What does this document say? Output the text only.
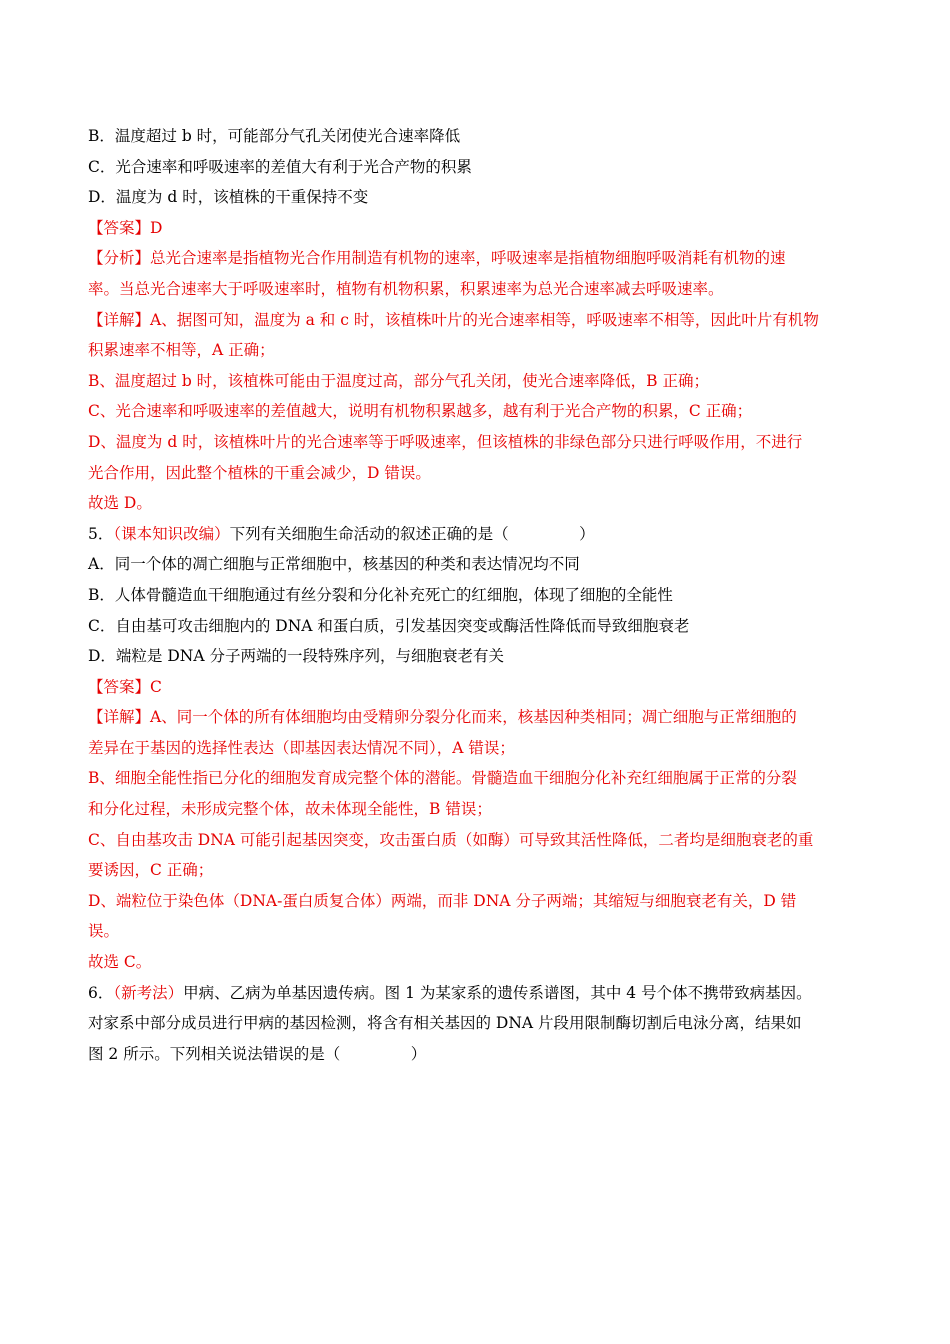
B．温度超过 b 时，可能部分气孔关闭使光合速率降低
C．光合速率和呼吸速率的差值大有利于光合产物的积累
D．温度为 d 时，该植株的干重保持不变
【答案】D
【分析】总光合速率是指植物光合作用制造有机物的速率，呼吸速率是指植物细胞呼吸消耗有机物的速
率。当总光合速率大于呼吸速率时，植物有机物积累，积累速率为总光合速率减去呼吸速率。
【详解】A、据图可知，温度为 a 和 c 时，该植株叶片的光合速率相等，呼吸速率不相等，因此叶片有机物
积累速率不相等，A 正确；
B、温度超过 b 时，该植株可能由于温度过高，部分气孔关闭，使光合速率降低，B 正确；
C、光合速率和呼吸速率的差值越大，说明有机物积累越多，越有利于光合产物的积累，C 正确；
D、温度为 d 时，该植株叶片的光合速率等于呼吸速率，但该植株的非绿色部分只进行呼吸作用，不进行
光合作用，因此整个植株的干重会减少，D 错误。
故选 D。
5．（课本知识改编）下列有关细胞生命活动的叙述正确的是（	）
A．同一个体的凋亡细胞与正常细胞中，核基因的种类和表达情况均不同
B．人体骨髓造血干细胞通过有丝分裂和分化补充死亡的红细胞，体现了细胞的全能性
C．自由基可攻击细胞内的 DNA 和蛋白质，引发基因突变或酶活性降低而导致细胞衰老
D．端粒是 DNA 分子两端的一段特殊序列，与细胞衰老有关
【答案】C
【详解】A、同一个体的所有体细胞均由受精卵分裂分化而来，核基因种类相同；凋亡细胞与正常细胞的
差异在于基因的选择性表达（即基因表达情况不同），A 错误；
B、细胞全能性指已分化的细胞发育成完整个体的潜能。骨髓造血干细胞分化补充红细胞属于正常的分裂
和分化过程，未形成完整个体，故未体现全能性，B 错误；
C、自由基攻击 DNA 可能引起基因突变，攻击蛋白质（如酶）可导致其活性降低，二者均是细胞衰老的重
要诱因，C 正确；
D、端粒位于染色体（DNA-蛋白质复合体）两端，而非 DNA 分子两端；其缩短与细胞衰老有关，D 错
误。
故选 C。
6．（新考法）甲病、乙病为单基因遗传病。图 1 为某家系的遗传系谱图，其中 4 号个体不携带致病基因。
对家系中部分成员进行甲病的基因检测，将含有相关基因的 DNA 片段用限制酶切割后电泳分离，结果如
图 2 所示。下列相关说法错误的是（	）
